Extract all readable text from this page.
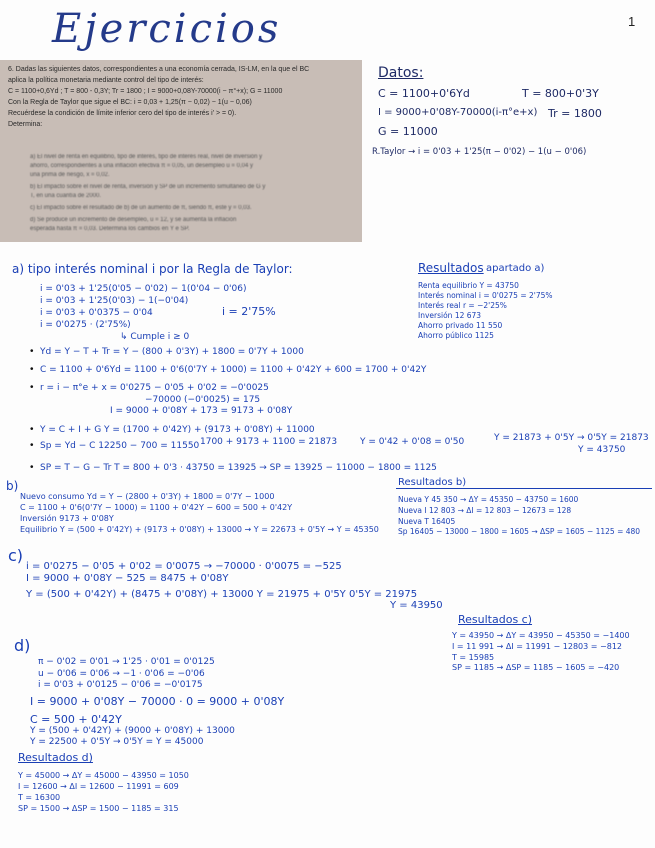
Ejercicios	1
6. Dadas las siguientes datos, correspondientes a una economía cerrada, IS-LM, en la que el BC
aplica la política monetaria mediante control del tipo de interés:
C = 1100+0,6Yd ; T = 800 - 0,3Y; Tr = 1800 ; I = 9000+0,08Y-70000(i − π°+x); G = 11000
Con la Regla de Taylor que sigue el BC: i = 0,03 + 1,25(π − 0,02) − 1(u − 0,06)
Recuérdese la condición de límite inferior cero del tipo de interés i' > = 0).
Determina:
a) El nivel de renta en equilibrio, tipo de interés, tipo de interés real, nivel de inversión y
ahorro, correspondientes a una inflación efectiva π = 0,05, un desempleo u = 0,04 y
una prima de riesgo, x = 0,02.
b) El impacto sobre el nivel de renta, inversión y SP de un incremento simultáneo de G y
T, en una cuantía de 2000.
c) El impacto sobre el resultado de b) de un aumento de π, siendo π, este y = 0,03.
d) Se produce un incremento de desempleo, u = 12, y se aumenta la inflación
esperada hasta π = 0,03. Determina los cambios en Y e SP.
Datos:
C = 1100+0'6Yd	T = 800+0'3Y
I = 9000+0'08Y-70000(i-π°e+x) Tr = 1800
G = 11000
R.Taylor → i = 0'03 + 1'25(π − 0'02) − 1(u − 0'06)
a) tipo interés nominal i por la Regla de Taylor:
i = 0'03 + 1'25(0'05 − 0'02) − 1(0'04 − 0'06)
i = 0'03 + 1'25(0'03) − 1(−0'04)
i = 0'03 + 0'0375 − 0'04
i = 0'0275 · (2'75%)
i = 2'75%
↳ Cumple i ≥ 0
• Yd = Y − T + Tr = Y − (800 + 0'3Y) + 1800 = 0'7Y + 1000
• C = 1100 + 0'6Yd = 1100 + 0'6(0'7Y + 1000) = 1100 + 0'42Y + 600 = 1700 + 0'42Y
• r = i − π°e + x = 0'0275 − 0'05 + 0'02 = −0'0025
−70000 (−0'0025) = 175
I = 9000 + 0'08Y + 173 = 9173 + 0'08Y
• Y = C + I + G Y = (1700 + 0'42Y) + (9173 + 0'08Y) + 11000
1700 + 9173 + 1100 = 21873
• Sp = Yd − C 12250 − 700 = 11550	Y = 0'42 + 0'08 = 0'50	Y = 21873 + 0'5Y → 0'5Y = 21873
Y = 43750
• SP = T − G − Tr T = 800 + 0'3 · 43750 = 13925 → SP = 13925 − 11000 − 1800 = 1125
Resultados apartado a)
Renta equilibrio Y = 43750
Interés nominal i = 0'0275 = 2'75%
Interés real r = −2'25%
Inversión 12 673
Ahorro privado 11 550
Ahorro público 1125
b)
Nuevo consumo Yd = Y − (2800 + 0'3Y) + 1800 = 0'7Y − 1000
C = 1100 + 0'6(0'7Y − 1000) = 1100 + 0'42Y − 600 = 500 + 0'42Y
Inversión 9173 + 0'08Y
Equilibrio Y = (500 + 0'42Y) + (9173 + 0'08Y) + 13000 → Y = 22673 + 0'5Y → Y = 45350
Resultados b)
Nueva Y 45 350 → ΔY = 45350 − 43750 = 1600
Nueva I 12 803 → ΔI = 12 803 − 12673 = 128
Nueva T 16405
Sp 16405 − 13000 − 1800 = 1605 → ΔSP = 1605 − 1125 = 480
c)
i = 0'0275 − 0'05 + 0'02 = 0'0075 → −70000 · 0'0075 = −525
I = 9000 + 0'08Y − 525 = 8475 + 0'08Y
Y = (500 + 0'42Y) + (8475 + 0'08Y) + 13000 Y = 21975 + 0'5Y 0'5Y = 21975
Y = 43950
Resultados c)
Y = 43950 → ΔY = 43950 − 45350 = −1400
I = 11 991 → ΔI = 11991 − 12803 = −812
T = 15985
SP = 1185 → ΔSP = 1185 − 1605 = −420
d)
π − 0'02 = 0'01 → 1'25 · 0'01 = 0'0125
u − 0'06 = 0'06 → −1 · 0'06 = −0'06
i = 0'03 + 0'0125 − 0'06 = −0'0175
I = 9000 + 0'08Y − 70000 · 0 = 9000 + 0'08Y
C = 500 + 0'42Y
Y = (500 + 0'42Y) + (9000 + 0'08Y) + 13000
Y = 22500 + 0'5Y → 0'5Y = Y = 45000
Resultados d)
Y = 45000 → ΔY = 45000 − 43950 = 1050
I = 12600 → ΔI = 12600 − 11991 = 609
T = 16300
SP = 1500 → ΔSP = 1500 − 1185 = 315
